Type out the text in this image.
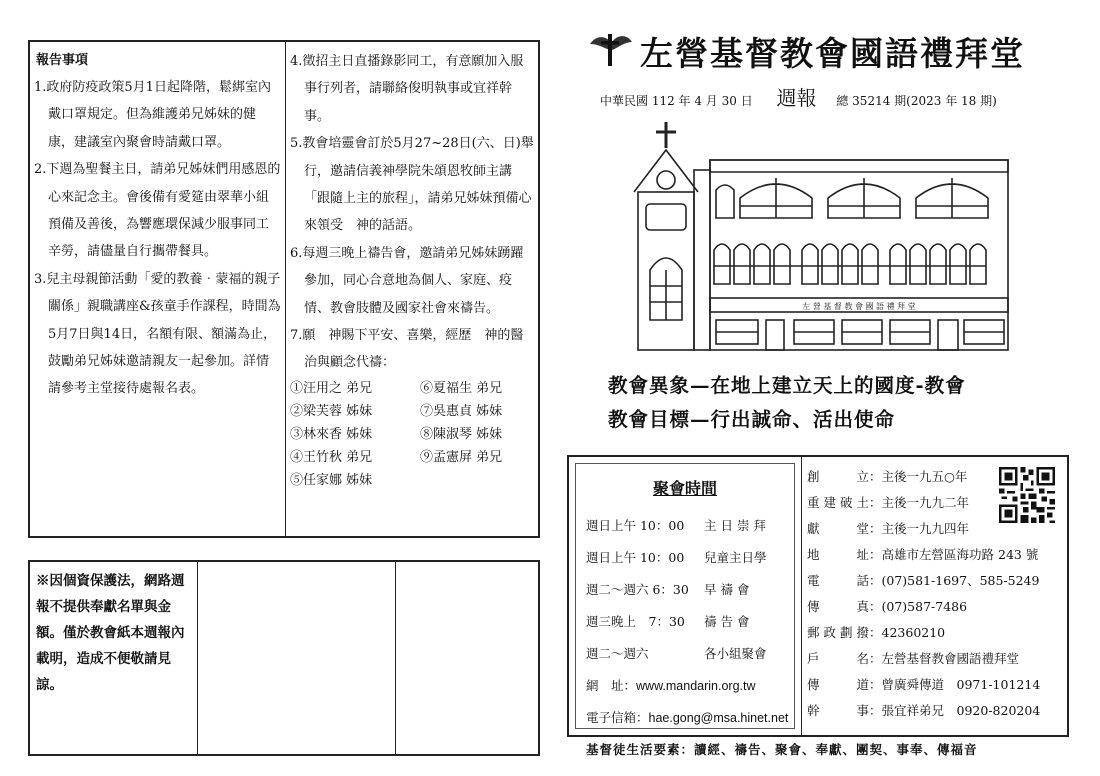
報告事項
1.政府防疫政策5月1日起降階，鬆綁室內戴口罩規定。但為維護弟兄姊妹的健康，建議室內聚會時請戴口罩。
2.下週為聖餐主日，請弟兄姊妹們用感恩的心來記念主。會後備有愛筵由翠華小組預備及善後，為響應環保減少服事同工辛勞，請儘量自行攜帶餐具。
3.兒主母親節活動「愛的教養‧蒙福的親子關係」親職講座&孩童手作課程，時間為5月7日與14日，名額有限、額滿為止，鼓勵弟兄姊妹邀請親友一起參加。詳情請參考主堂接待處報名表。
4.徵招主日直播錄影同工，有意願加入服事行列者，請聯絡俊明執事或宜祥幹事。
5.教會培靈會訂於5月27~28日(六、日)舉行，邀請信義神學院朱頌恩牧師主講「跟隨上主的旅程」，請弟兄姊妹預備心來領受　神的話語。
6.每週三晚上禱告會，邀請弟兄姊妹踴躍參加，同心合意地為個人、家庭、疫情、教會肢體及國家社會來禱告。
7.願　神賜下平安、喜樂，經歷　神的醫治與顧念代禱：
①汪用之 弟兄	⑥夏福生 弟兄
②梁芙蓉 姊妹	⑦吳惠貞 姊妹
③林來香 姊妹	⑧陳淑琴 姊妹
④王竹秋 弟兄	⑨孟憲屏 弟兄
⑤任家娜 姊妹
※因個資保護法，網路週報不提供奉獻名單與金額。僅於教會紙本週報內載明，造成不便敬請見諒。
左營基督教會國語禮拜堂
中華民國 112 年 4 月 30 日 週報 總 35214 期(2023 年 18 期)
左 營 基 督 教 會 國 語 禮 拜 堂
教會異象—在地上建立天上的國度-教會
教會目標—行出誠命、活出使命
聚會時間
週日上午 10：00 主 日 崇 拜
週日上午 10：00 兒童主日學
週二～週六 6：30 早 禱 會
週三晚上　7：30 禱 告 會
週二～週六	各小組聚會
網　址：www.mandarin.org.tw
電子信箱：hae.gong@msa.hinet.net
創　立：主後一九五○年
重建破土：主後一九九二年
獻　堂：主後一九九四年
地　址：高雄市左營區海功路 243 號
電　話：(07)581-1697、585-5249
傳　真：(07)587-7486
郵政劃撥：42360210
戶　名：左營基督教會國語禮拜堂
傳　道：曾廣舜傳道　0971-101214
幹　事：張宜祥弟兄　0920-820204
基督徒生活要素：讀經、禱告、聚會、奉獻、團契、事奉、傳福音
